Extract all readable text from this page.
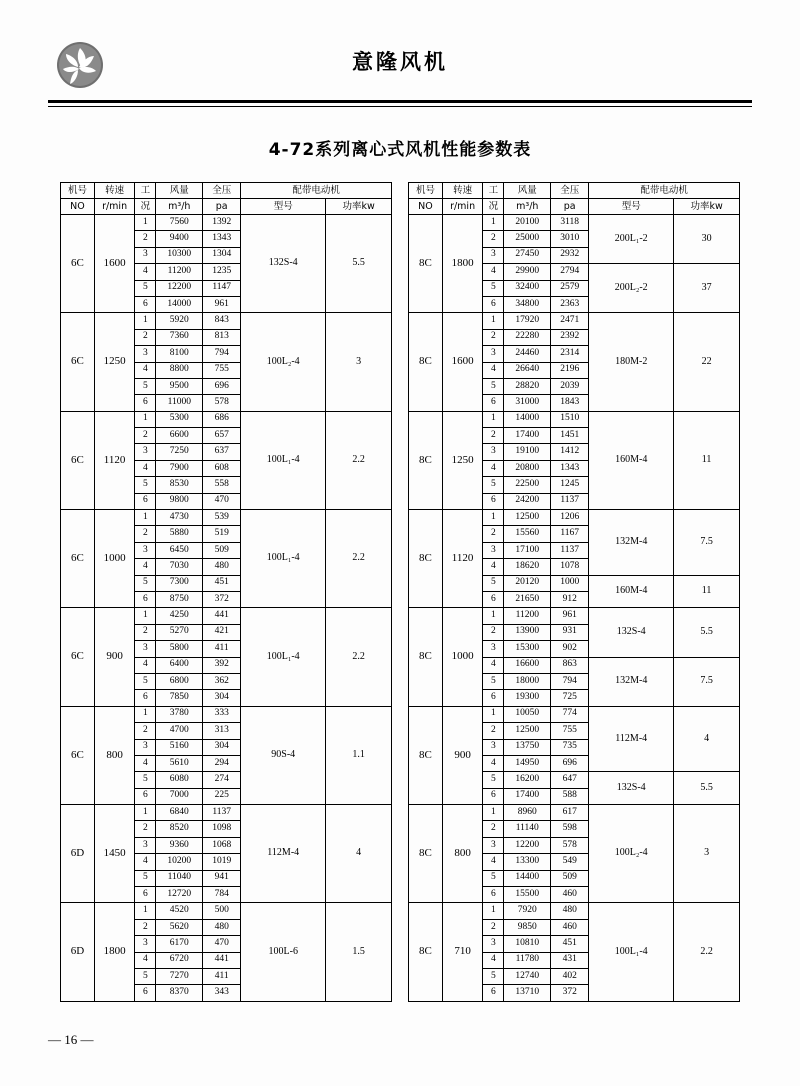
意隆风机
4-72系列离心式风机性能参数表
机号	转速	工	风量	全压	配带电动机	
NO	r/min	况	m³/h	pa	型号	功率kw
6C	1600	1	7560	1392	132S-4	5.5
		2	9400	1343		
		3	10300	1304		
		4	11200	1235		
		5	12200	1147		
		6	14000	961		
6C	1250	1	5920	843	100L₂-4	3
		2	7360	813		
		3	8100	794		
		4	8800	755		
		5	9500	696		
		6	11000	578		
6C	1120	1	5300	686	100L₁-4	2.2
		2	6600	657		
		3	7250	637		
		4	7900	608		
		5	8530	558		
		6	9800	470		
6C	1000	1	4730	539	100L₁-4	2.2
		2	5880	519		
		3	6450	509		
		4	7030	480		
		5	7300	451		
		6	8750	372		
6C	900	1	4250	441	100L₁-4	2.2
		2	5270	421		
		3	5800	411		
		4	6400	392		
		5	6800	362		
		6	7850	304		
6C	800	1	3780	333	90S-4	1.1
		2	4700	313		
		3	5160	304		
		4	5610	294		
		5	6080	274		
		6	7000	225		
6D	1450	1	6840	1137	112M-4	4
		2	8520	1098		
		3	9360	1068		
		4	10200	1019		
		5	11040	941		
		6	12720	784		
6D	1800	1	4520	500	100L-6	1.5
		2	5620	480		
		3	6170	470		
		4	6720	441		
		5	7270	411		
		6	8370	343		
机号	转速	工	风量	全压	配带电动机	
NO	r/min	况	m³/h	pa	型号	功率kw
8C	1800	1	20100	3118	200L₁-2	30
		2	25000	3010		
		3	27450	2932		
		4	29900	2794	200L₂-2	37
		5	32400	2579		
		6	34800	2363		
8C	1600	1	17920	2471	180M-2	22
		2	22280	2392		
		3	24460	2314		
		4	26640	2196		
		5	28820	2039		
		6	31000	1843		
8C	1250	1	14000	1510	160M-4	11
		2	17400	1451		
		3	19100	1412		
		4	20800	1343		
		5	22500	1245		
		6	24200	1137		
8C	1120	1	12500	1206	132M-4	7.5
		2	15560	1167		
		3	17100	1137		
		4	18620	1078		
		5	20120	1000	160M-4	11
		6	21650	912		
8C	1000	1	11200	961	132S-4	5.5
		2	13900	931		
		3	15300	902		
		4	16600	863	132M-4	7.5
		5	18000	794		
		6	19300	725		
8C	900	1	10050	774	112M-4	4
		2	12500	755		
		3	13750	735		
		4	14950	696		
		5	16200	647	132S-4	5.5
		6	17400	588		
8C	800	1	8960	617	100L₂-4	3
		2	11140	598		
		3	12200	578		
		4	13300	549		
		5	14400	509		
		6	15500	460		
8C	710	1	7920	480	100L₁-4	2.2
		2	9850	460		
		3	10810	451		
		4	11780	431		
		5	12740	402		
		6	13710	372		
— 16 —
